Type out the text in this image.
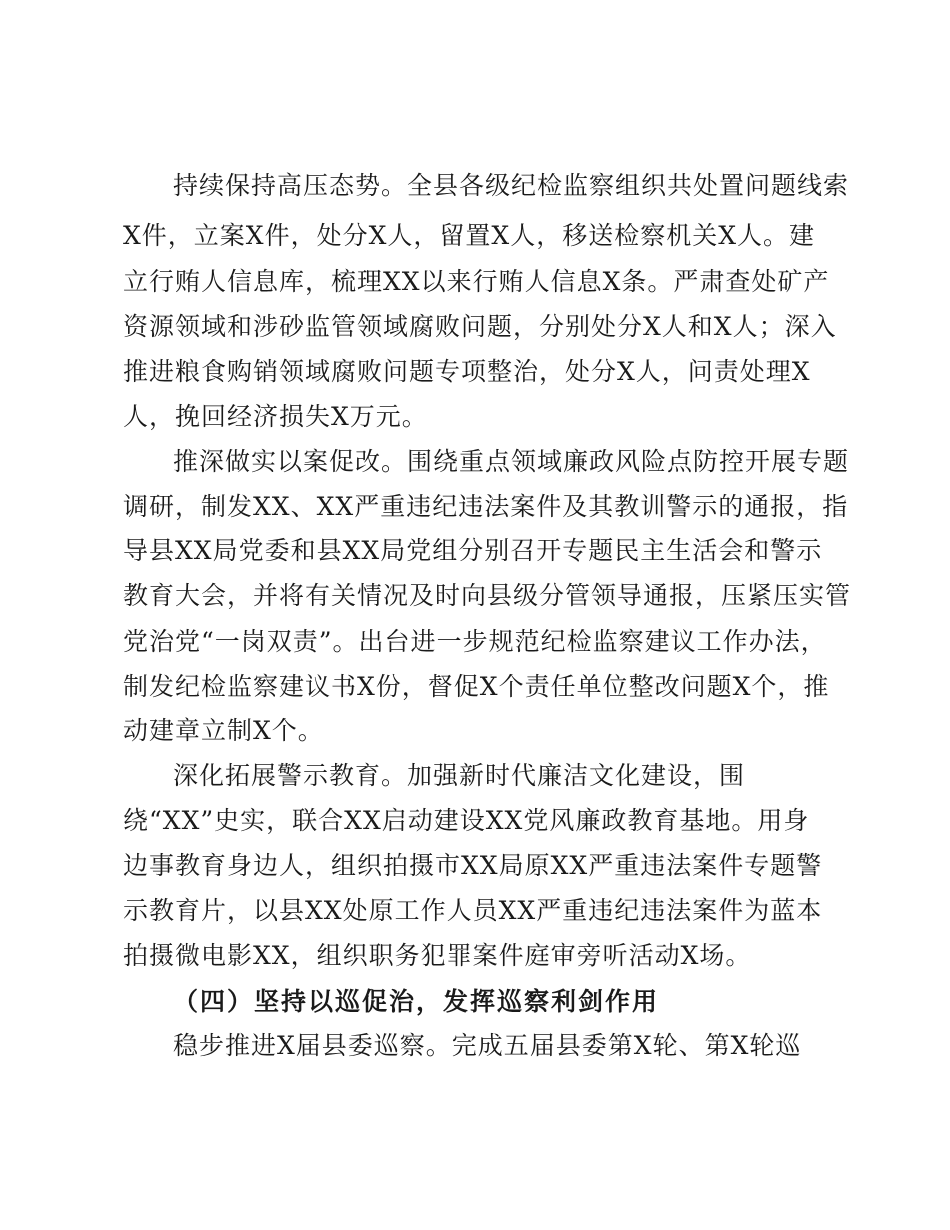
持续保持高压态势。全县各级纪检监察组织共处置问题线索
X件，立案X件，处分X人，留置X人，移送检察机关X人。建
立行贿人信息库，梳理XX以来行贿人信息X条。严肃查处矿产
资源领域和涉砂监管领域腐败问题，分别处分X人和X人；深入
推进粮食购销领域腐败问题专项整治，处分X人，问责处理X
人，挽回经济损失X万元。
推深做实以案促改。围绕重点领域廉政风险点防控开展专题
调研，制发XX、XX严重违纪违法案件及其教训警示的通报，指
导县XX局党委和县XX局党组分别召开专题民主生活会和警示
教育大会，并将有关情况及时向县级分管领导通报，压紧压实管
党治党“一岗双责”。出台进一步规范纪检监察建议工作办法，
制发纪检监察建议书X份，督促X个责任单位整改问题X个，推
动建章立制X个。
深化拓展警示教育。加强新时代廉洁文化建设，围
绕“XX”史实，联合XX启动建设XX党风廉政教育基地。用身
边事教育身边人，组织拍摄市XX局原XX严重违法案件专题警
示教育片，以县XX处原工作人员XX严重违纪违法案件为蓝本
拍摄微电影XX，组织职务犯罪案件庭审旁听活动X场。
（四）坚持以巡促治，发挥巡察利剑作用
稳步推进X届县委巡察。完成五届县委第X轮、第X轮巡
